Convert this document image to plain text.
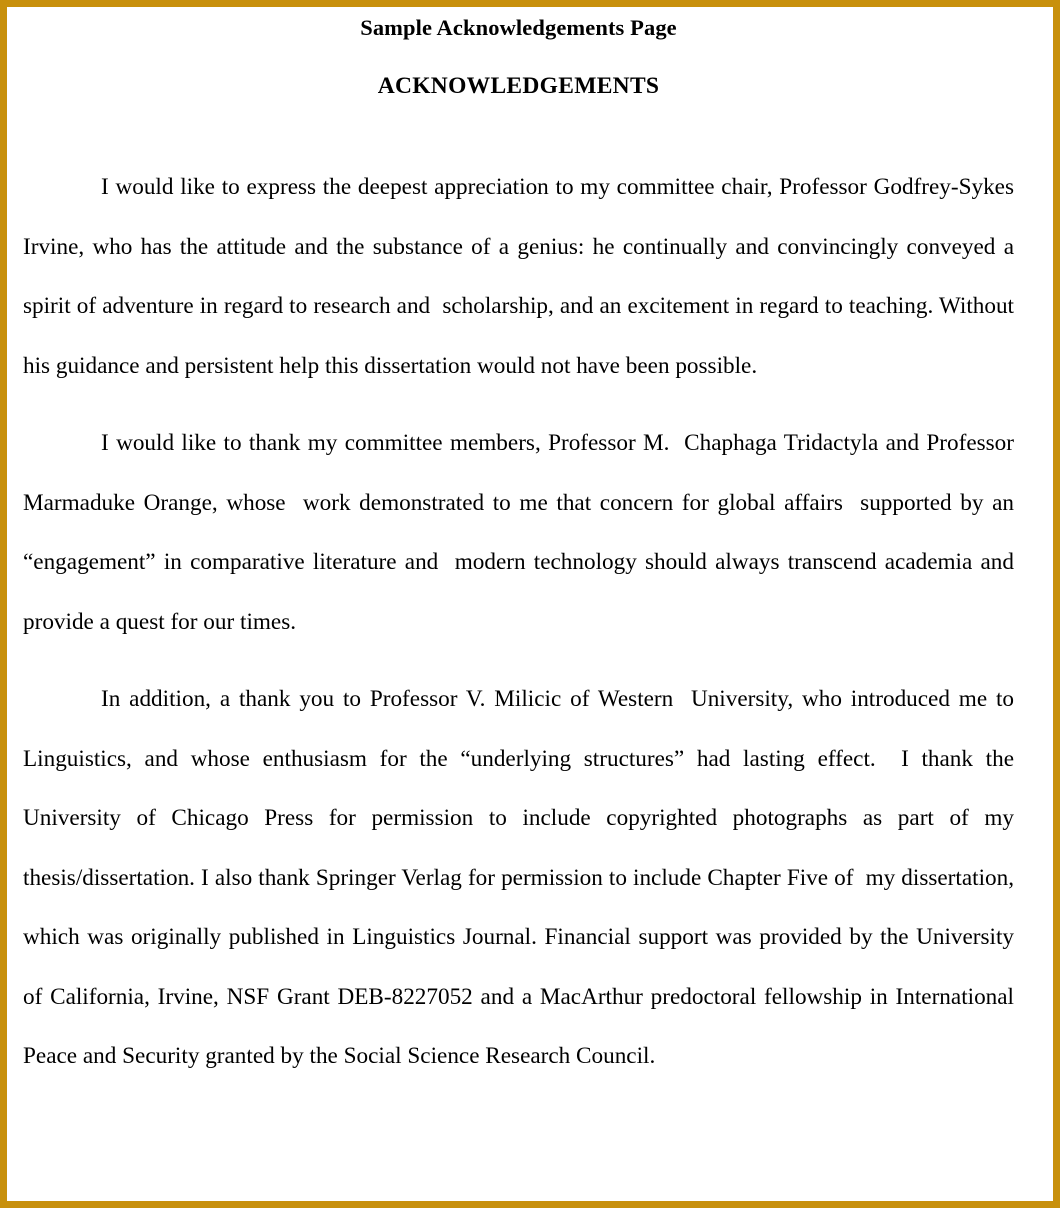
Sample Acknowledgements Page
ACKNOWLEDGEMENTS

I would like to express the deepest appreciation to my committee chair, Professor Godfrey-Sykes Irvine, who has the attitude and the substance of a genius: he continually and convincingly conveyed a spirit of adventure in regard to research and  scholarship, and an excitement in regard to teaching. Without his guidance and persistent help this dissertation would not have been possible.

I would like to thank my committee members, Professor M.  Chaphaga Tridactyla and Professor Marmaduke Orange, whose  work demonstrated to me that concern for global affairs  supported by an “engagement” in comparative literature and  modern technology should always transcend academia and  provide a quest for our times.

In addition, a thank you to Professor V. Milicic of Western  University, who introduced me to Linguistics, and whose enthusiasm for the “underlying structures” had lasting effect.  I thank the University of Chicago Press for permission to include copyrighted photographs as part of my thesis/dissertation. I also thank Springer Verlag for permission to include Chapter Five of  my dissertation, which was originally published in Linguistics Journal. Financial support was provided by the University of California, Irvine, NSF Grant DEB-8227052 and a MacArthur predoctoral fellowship in International Peace and Security granted by the Social Science Research Council.
